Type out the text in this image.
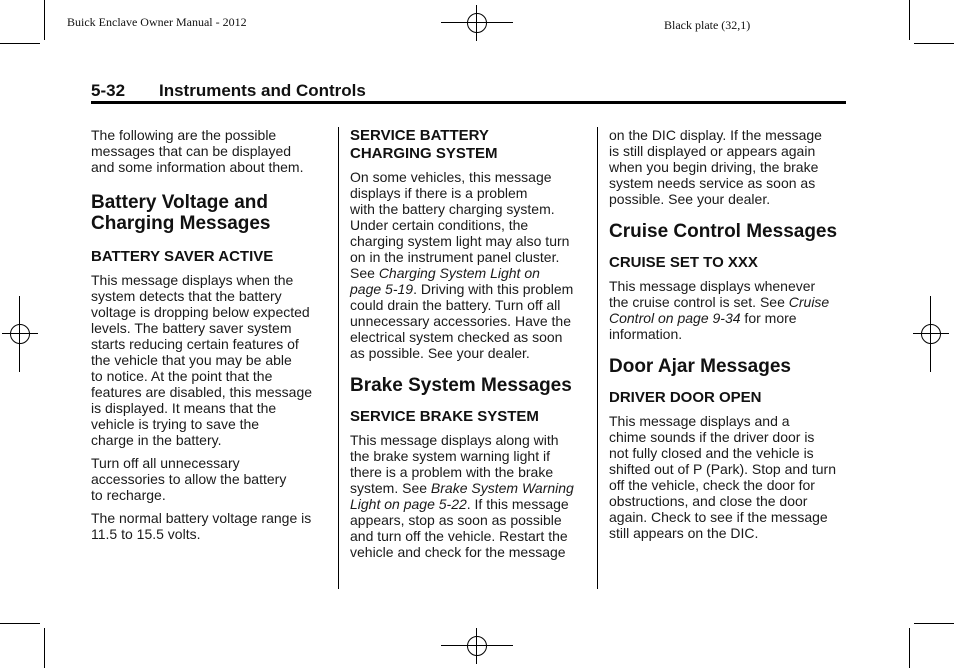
Buick Enclave Owner Manual - 2012	Black plate (32,1)
5-32 Instruments and Controls

The following are the possible
messages that can be displayed
and some information about them.

Battery Voltage and
Charging Messages
BATTERY SAVER ACTIVE

This message displays when the
system detects that the battery
voltage is dropping below expected
levels. The battery saver system
starts reducing certain features of
the vehicle that you may be able
to notice. At the point that the
features are disabled, this message
is displayed. It means that the
vehicle is trying to save the
charge in the battery.

Turn off all unnecessary
accessories to allow the battery
to recharge.

The normal battery voltage range is
11.5 to 15.5 volts.

SERVICE BATTERY
CHARGING SYSTEM

On some vehicles, this message
displays if there is a problem
with the battery charging system.
Under certain conditions, the
charging system light may also turn
on in the instrument panel cluster.
See Charging System Light on
page 5-19. Driving with this problem
could drain the battery. Turn off all
unnecessary accessories. Have the
electrical system checked as soon
as possible. See your dealer.

Brake System Messages
SERVICE BRAKE SYSTEM

This message displays along with
the brake system warning light if
there is a problem with the brake
system. See Brake System Warning
Light on page 5-22. If this message
appears, stop as soon as possible
and turn off the vehicle. Restart the
vehicle and check for the message

on the DIC display. If the message
is still displayed or appears again
when you begin driving, the brake
system needs service as soon as
possible. See your dealer.

Cruise Control Messages
CRUISE SET TO XXX

This message displays whenever
the cruise control is set. See Cruise
Control on page 9-34 for more
information.

Door Ajar Messages
DRIVER DOOR OPEN

This message displays and a
chime sounds if the driver door is
not fully closed and the vehicle is
shifted out of P (Park). Stop and turn
off the vehicle, check the door for
obstructions, and close the door
again. Check to see if the message
still appears on the DIC.
